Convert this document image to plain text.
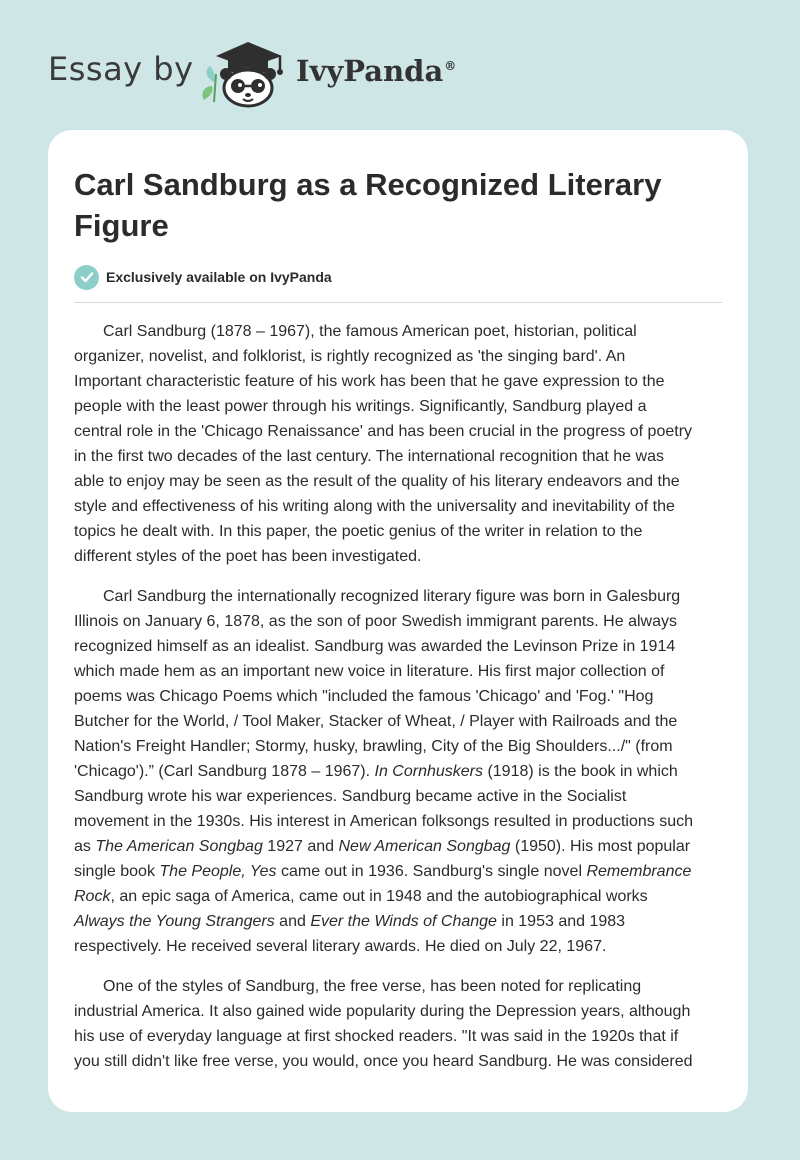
Essay by	IvyPanda®
Carl Sandburg as a Recognized Literary Figure
Exclusively available on IvyPanda

Carl Sandburg (1878 – 1967), the famous American poet, historian, political
organizer, novelist, and folklorist, is rightly recognized as 'the singing bard'. An
Important characteristic feature of his work has been that he gave expression to the
people with the least power through his writings. Significantly, Sandburg played a
central role in the 'Chicago Renaissance' and has been crucial in the progress of poetry
in the first two decades of the last century. The international recognition that he was
able to enjoy may be seen as the result of the quality of his literary endeavors and the
style and effectiveness of his writing along with the universality and inevitability of the
topics he dealt with. In this paper, the poetic genius of the writer in relation to the
different styles of the poet has been investigated.

Carl Sandburg the internationally recognized literary figure was born in Galesburg
Illinois on January 6, 1878, as the son of poor Swedish immigrant parents. He always
recognized himself as an idealist. Sandburg was awarded the Levinson Prize in 1914
which made hem as an important new voice in literature. His first major collection of
poems was Chicago Poems which "included the famous 'Chicago' and 'Fog.' "Hog
Butcher for the World, / Tool Maker, Stacker of Wheat, / Player with Railroads and the
Nation's Freight Handler; Stormy, husky, brawling, City of the Big Shoulders.../" (from
'Chicago').” (Carl Sandburg 1878 – 1967). In Cornhuskers (1918) is the book in which
Sandburg wrote his war experiences. Sandburg became active in the Socialist
movement in the 1930s. His interest in American folksongs resulted in productions such
as The American Songbag 1927 and New American Songbag (1950). His most popular
single book The People, Yes came out in 1936. Sandburg's single novel Remembrance
Rock, an epic saga of America, came out in 1948 and the autobiographical works
Always the Young Strangers and Ever the Winds of Change in 1953 and 1983
respectively. He received several literary awards. He died on July 22, 1967.

One of the styles of Sandburg, the free verse, has been noted for replicating
industrial America. It also gained wide popularity during the Depression years, although
his use of everyday language at first shocked readers. "It was said in the 1920s that if
you still didn't like free verse, you would, once you heard Sandburg. He was considered
